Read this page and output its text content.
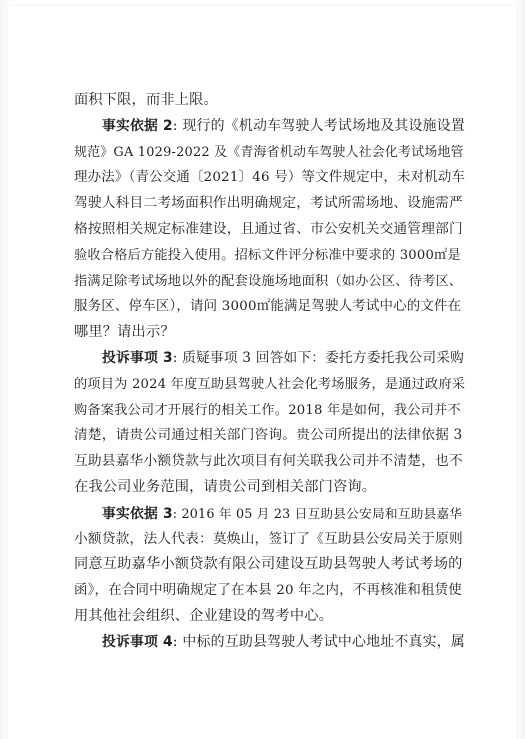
面积下限，而非上限。
事实依据 2: 现行的《机动车驾驶人考试场地及其设施设置
规范》GA 1029-2022 及《青海省机动车驾驶人社会化考试场地管
理办法》（青公交通〔2021〕46 号）等文件规定中，未对机动车
驾驶人科目二考场面积作出明确规定，考试所需场地、设施需严
格按照相关规定标准建设，且通过省、市公安机关交通管理部门
验收合格后方能投入使用。招标文件评分标准中要求的 3000㎡是
指满足除考试场地以外的配套设施场地面积（如办公区、待考区、
服务区、停车区），请问 3000㎡能满足驾驶人考试中心的文件在
哪里？请出示？
投诉事项 3: 质疑事项 3 回答如下：委托方委托我公司采购
的项目为 2024 年度互助县驾驶人社会化考场服务，是通过政府采
购备案我公司才开展行的相关工作。2018 年是如何，我公司并不
清楚，请贵公司通过相关部门咨询。贵公司所提出的法律依据 3
互助县嘉华小额贷款与此次项目有何关联我公司并不清楚，也不
在我公司业务范围，请贵公司到相关部门咨询。
事实依据 3: 2016 年 05 月 23 日互助县公安局和互助县嘉华
小额贷款，法人代表：莫焕山，签订了《互助县公安局关于原则
同意互助嘉华小额贷款有限公司建设互助县驾驶人考试考场的
函》，在合同中明确规定了在本县 20 年之内，不再核准和租赁使
用其他社会组织、企业建设的驾考中心。
投诉事项 4: 中标的互助县驾驶人考试中心地址不真实，属
